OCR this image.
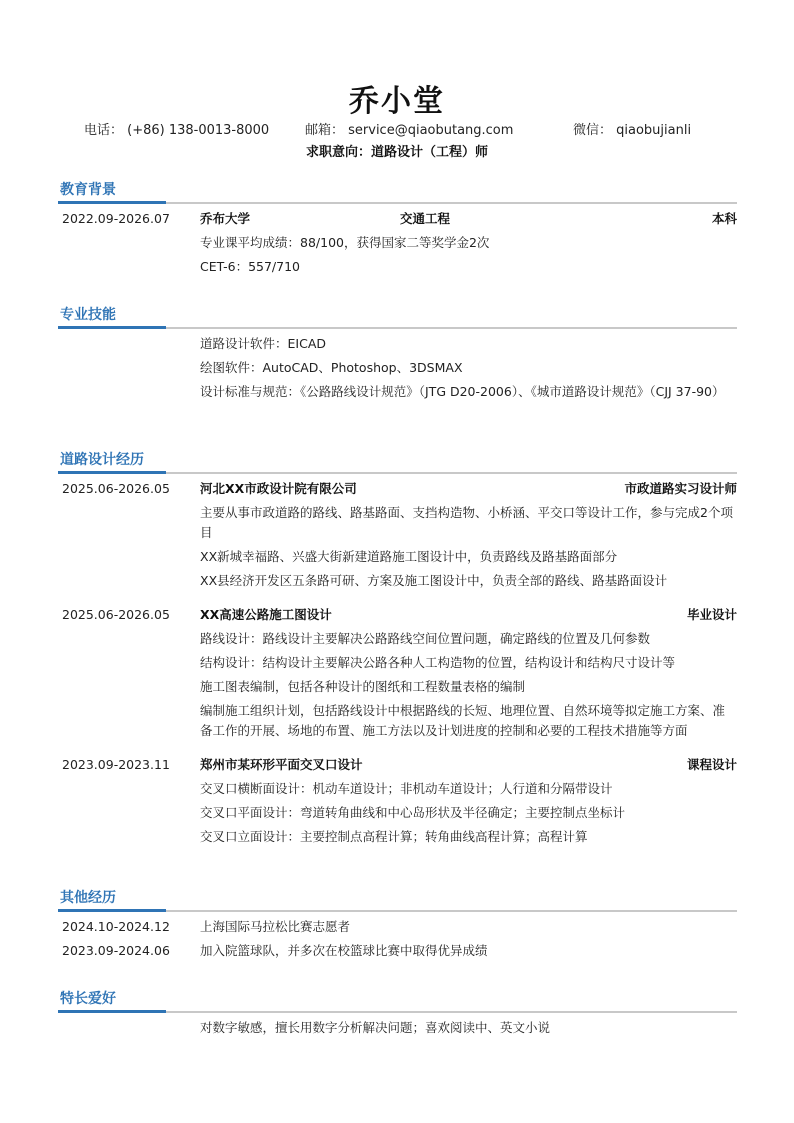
乔小堂
电话： (+86) 138-0013-8000	邮箱： service@qiaobutang.com	微信： qiaobujianli
求职意向：道路设计（工程）师
教育背景
2022.09-2026.07 乔布大学	交通工程	本科
专业课平均成绩：88/100，获得国家二等奖学金2次
CET-6：557/710
专业技能
道路设计软件：EICAD
绘图软件：AutoCAD、Photoshop、3DSMAX
设计标准与规范：《公路路线设计规范》（JTG D20-2006）、《城市道路设计规范》（CJJ 37-90）
道路设计经历
2025.06-2026.05 河北XX市政设计院有限公司	市政道路实习设计师
主要从事市政道路的路线、路基路面、支挡构造物、小桥涵、平交口等设计工作，参与完成2个项目
XX新城幸福路、兴盛大街新建道路施工图设计中，负责路线及路基路面部分
XX县经济开发区五条路可研、方案及施工图设计中，负责全部的路线、路基路面设计
2025.06-2026.05 XX高速公路施工图设计	毕业设计
路线设计：路线设计主要解决公路路线空间位置问题，确定路线的位置及几何参数
结构设计：结构设计主要解决公路各种人工构造物的位置，结构设计和结构尺寸设计等
施工图表编制，包括各种设计的图纸和工程数量表格的编制
编制施工组织计划，包括路线设计中根据路线的长短、地理位置、自然环境等拟定施工方案、准备工作的开展、场地的布置、施工方法以及计划进度的控制和必要的工程技术措施等方面
2023.09-2023.11 郑州市某环形平面交叉口设计	课程设计
交叉口横断面设计：机动车道设计；非机动车道设计；人行道和分隔带设计
交叉口平面设计：弯道转角曲线和中心岛形状及半径确定；主要控制点坐标计
交叉口立面设计：主要控制点高程计算；转角曲线高程计算；高程计算
其他经历
2024.10-2024.12 上海国际马拉松比赛志愿者
2023.09-2024.06 加入院篮球队，并多次在校篮球比赛中取得优异成绩
特长爱好
对数字敏感，擅长用数字分析解决问题；喜欢阅读中、英文小说
